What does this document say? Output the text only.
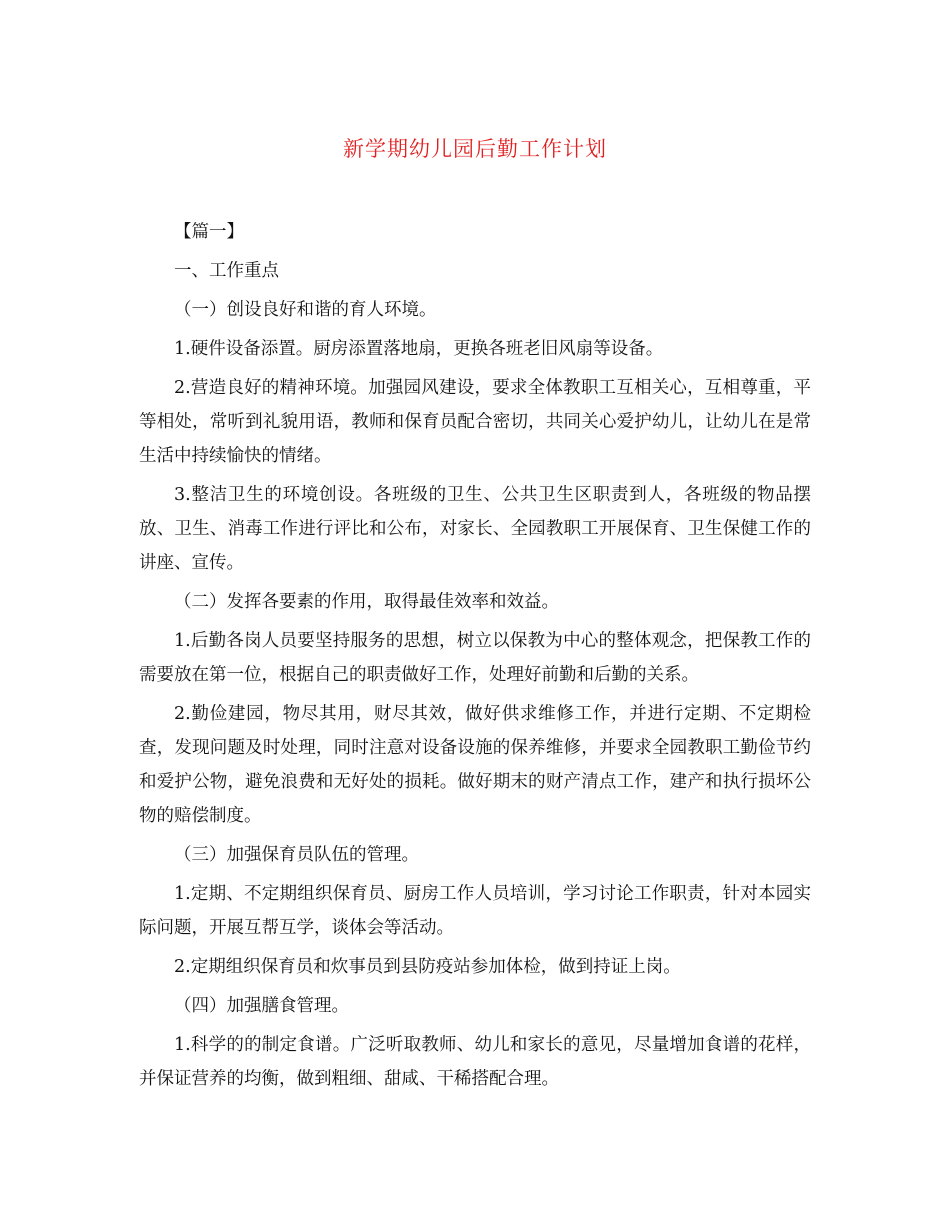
新学期幼儿园后勤工作计划

【篇一】

一、工作重点

（一）创设良好和谐的育人环境。

1.硬件设备添置。厨房添置落地扇，更换各班老旧风扇等设备。

2.营造良好的精神环境。加强园风建设，要求全体教职工互相关心，互相尊重，平等相处，常听到礼貌用语，教师和保育员配合密切，共同关心爱护幼儿，让幼儿在是常生活中持续愉快的情绪。

3.整洁卫生的环境创设。各班级的卫生、公共卫生区职责到人，各班级的物品摆放、卫生、消毒工作进行评比和公布，对家长、全园教职工开展保育、卫生保健工作的讲座、宣传。

（二）发挥各要素的作用，取得最佳效率和效益。

1.后勤各岗人员要坚持服务的思想，树立以保教为中心的整体观念，把保教工作的需要放在第一位，根据自己的职责做好工作，处理好前勤和后勤的关系。

2.勤俭建园，物尽其用，财尽其效，做好供求维修工作，并进行定期、不定期检查，发现问题及时处理，同时注意对设备设施的保养维修，并要求全园教职工勤俭节约和爱护公物，避免浪费和无好处的损耗。做好期末的财产清点工作，建产和执行损坏公物的赔偿制度。

（三）加强保育员队伍的管理。

1.定期、不定期组织保育员、厨房工作人员培训，学习讨论工作职责，针对本园实际问题，开展互帮互学，谈体会等活动。

2.定期组织保育员和炊事员到县防疫站参加体检，做到持证上岗。

（四）加强膳食管理。

1.科学的的制定食谱。广泛听取教师、幼儿和家长的意见，尽量增加食谱的花样，并保证营养的均衡，做到粗细、甜咸、干稀搭配合理。
